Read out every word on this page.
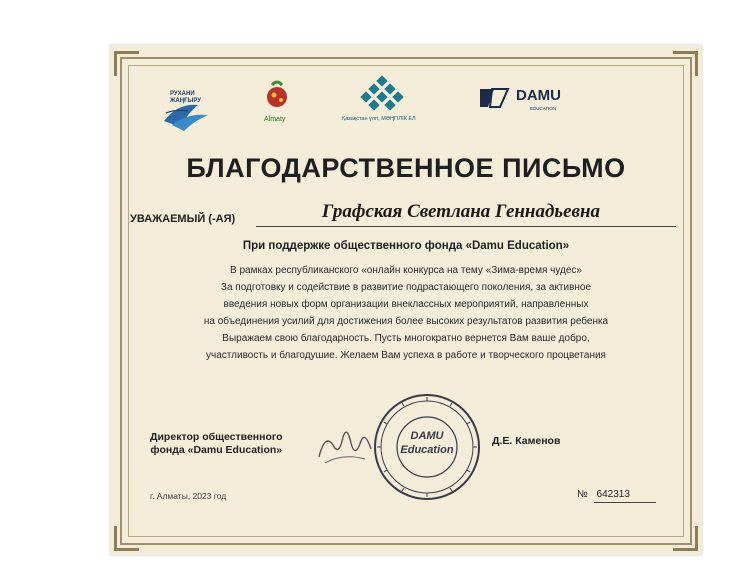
РУХАНИ
ЖАҢҒЫРУ
Almaty	Қазақстан үлгі, МӘҢГІЛІК ЕЛ
DAMU
EDUCATION
БЛАГОДАРСТВЕННОЕ ПИСЬМО
УВАЖАЕМЫЙ (-АЯ)	Графская Светлана Геннадьевна
При поддержке общественного фонда «Damu Education»
В рамках республиканского «онлайн конкурса на тему «Зима-время чудес»
За подготовку и содействие в развитие подрастающего поколения, за активное
введения новых форм организации внеклассных мероприятий, направленных
на объединения усилий для достижения более высоких результатов развития ребенка
Выражаем свою благодарность. Пусть многократно вернется Вам ваше добро,
участливость и благодушие. Желаем Вам успеха в работе и творческого процветания
Директор общественного
фонда «Damu Education»
DAMU
Education
Д.Е. Каменов
г. Алматы, 2023 год	№ 642313
